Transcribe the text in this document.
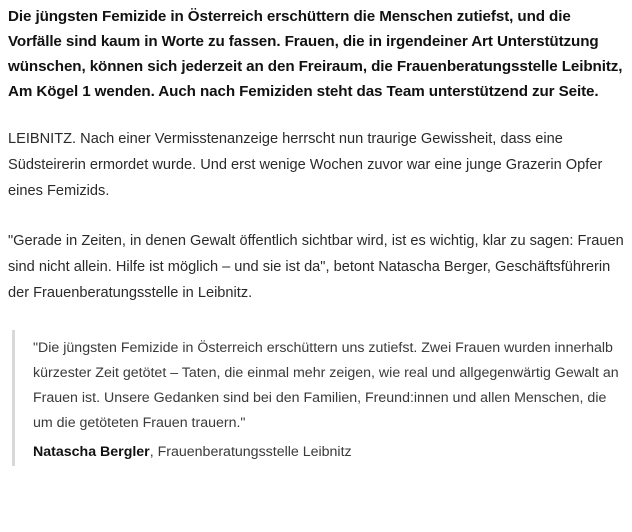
Die jüngsten Femizide in Österreich erschüttern die Menschen zutiefst, und die Vorfälle sind kaum in Worte zu fassen. Frauen, die in irgendeiner Art Unterstützung wünschen, können sich jederzeit an den Freiraum, die Frauenberatungsstelle Leibnitz, Am Kögel 1 wenden. Auch nach Femiziden steht das Team unterstützend zur Seite.

LEIBNITZ. Nach einer Vermisstenanzeige herrscht nun traurige Gewissheit, dass eine Südsteirerin ermordet wurde. Und erst wenige Wochen zuvor war eine junge Grazerin Opfer eines Femizids.

"Gerade in Zeiten, in denen Gewalt öffentlich sichtbar wird, ist es wichtig, klar zu sagen: Frauen sind nicht allein. Hilfe ist möglich – und sie ist da", betont Natascha Berger, Geschäftsführerin der Frauenberatungsstelle in Leibnitz.

"Die jüngsten Femizide in Österreich erschüttern uns zutiefst. Zwei Frauen wurden innerhalb kürzester Zeit getötet – Taten, die einmal mehr zeigen, wie real und allgegenwärtig Gewalt an Frauen ist. Unsere Gedanken sind bei den Familien, Freund:innen und allen Menschen, die um die getöteten Frauen trauern."

Natascha Bergler, Frauenberatungsstelle Leibnitz
